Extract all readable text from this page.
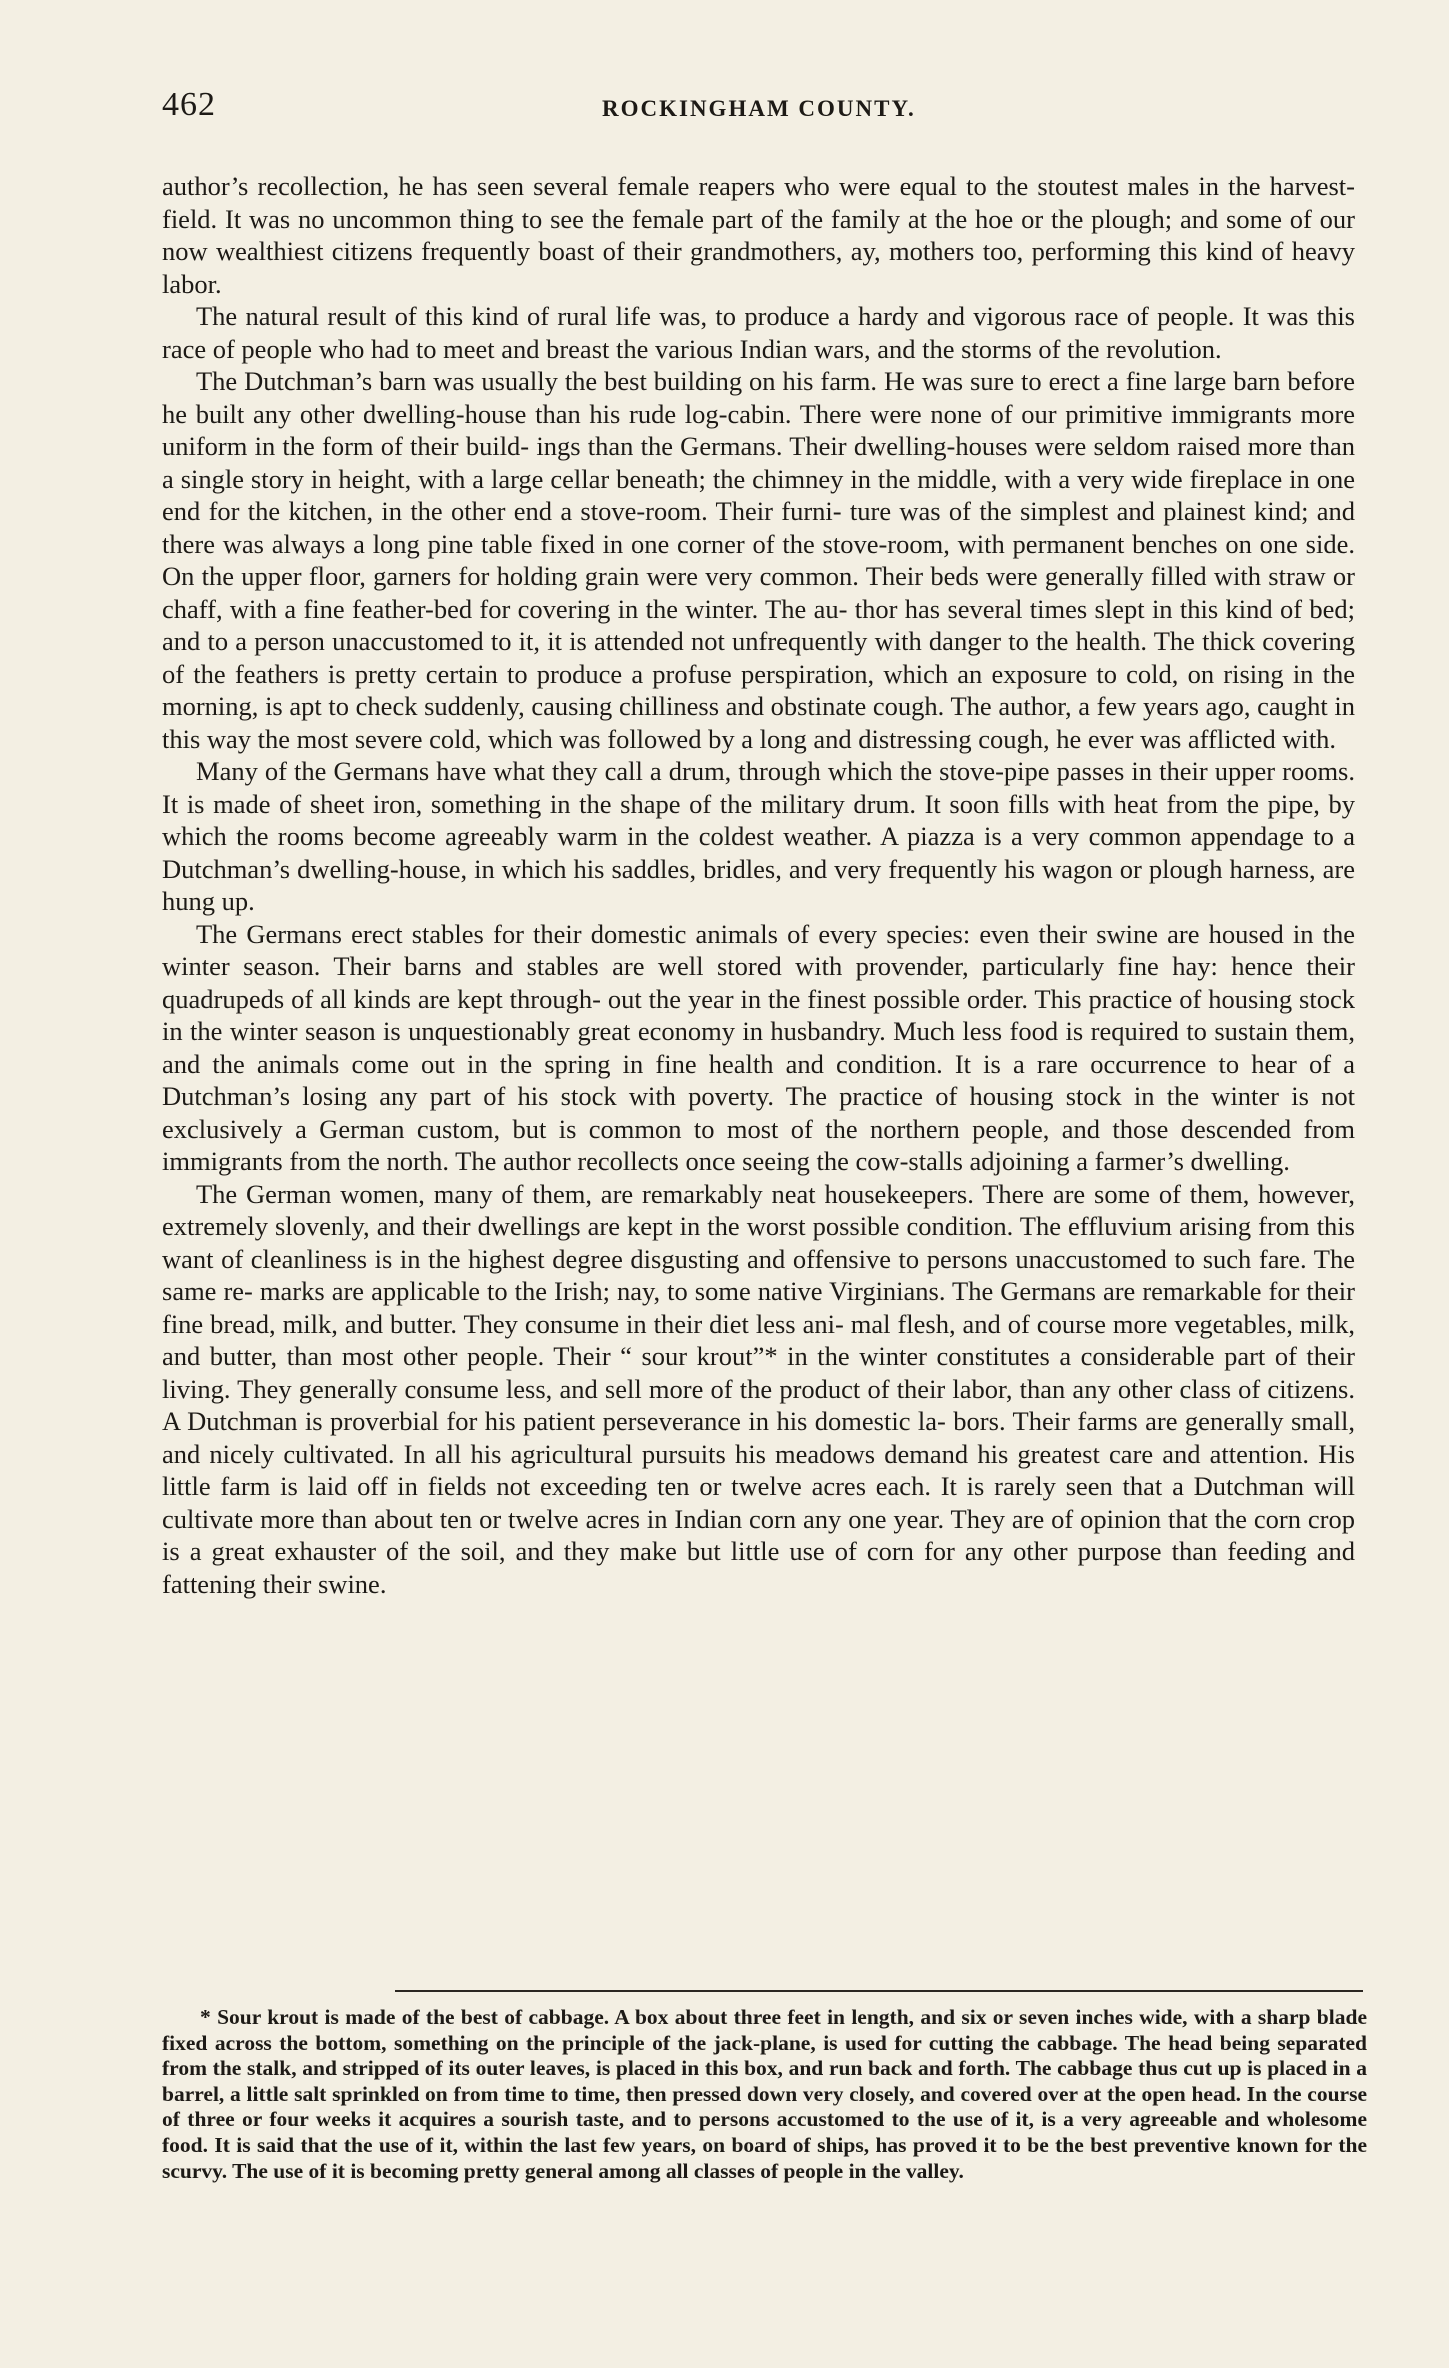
462	ROCKINGHAM COUNTY.

author’s recollection, he has seen several female reapers who were equal to the stoutest males in the harvest-field. It was no uncommon thing to see the female part of the family at the hoe or the plough; and some of our now wealthiest citizens frequently boast of their grandmothers, ay, mothers too, performing this kind of heavy labor.

The natural result of this kind of rural life was, to produce a hardy and vigorous race of people. It was this race of people who had to meet and breast the various Indian wars, and the storms of the revolution.

The Dutchman’s barn was usually the best building on his farm. He was sure to erect a fine large barn before he built any other dwelling-house than his rude log-cabin. There were none of our primitive immigrants more uniform in the form of their build- ings than the Germans. Their dwelling-houses were seldom raised more than a single story in height, with a large cellar beneath; the chimney in the middle, with a very wide fireplace in one end for the kitchen, in the other end a stove-room. Their furni- ture was of the simplest and plainest kind; and there was always a long pine table fixed in one corner of the stove-room, with permanent benches on one side. On the upper floor, garners for holding grain were very common. Their beds were generally filled with straw or chaff, with a fine feather-bed for covering in the winter. The au- thor has several times slept in this kind of bed; and to a person unaccustomed to it, it is attended not unfrequently with danger to the health. The thick covering of the feathers is pretty certain to produce a profuse perspiration, which an exposure to cold, on rising in the morning, is apt to check suddenly, causing chilliness and obstinate cough. The author, a few years ago, caught in this way the most severe cold, which was followed by a long and distressing cough, he ever was afflicted with.

Many of the Germans have what they call a drum, through which the stove-pipe passes in their upper rooms. It is made of sheet iron, something in the shape of the military drum. It soon fills with heat from the pipe, by which the rooms become agreeably warm in the coldest weather. A piazza is a very common appendage to a Dutchman’s dwelling-house, in which his saddles, bridles, and very frequently his wagon or plough harness, are hung up.

The Germans erect stables for their domestic animals of every species: even their swine are housed in the winter season. Their barns and stables are well stored with provender, particularly fine hay: hence their quadrupeds of all kinds are kept through- out the year in the finest possible order. This practice of housing stock in the winter season is unquestionably great economy in husbandry. Much less food is required to sustain them, and the animals come out in the spring in fine health and condition. It is a rare occurrence to hear of a Dutchman’s losing any part of his stock with poverty. The practice of housing stock in the winter is not exclusively a German custom, but is common to most of the northern people, and those descended from immigrants from the north. The author recollects once seeing the cow-stalls adjoining a farmer’s dwelling.

The German women, many of them, are remarkably neat housekeepers. There are some of them, however, extremely slovenly, and their dwellings are kept in the worst possible condition. The effluvium arising from this want of cleanliness is in the highest degree disgusting and offensive to persons unaccustomed to such fare. The same re- marks are applicable to the Irish; nay, to some native Virginians. The Germans are remarkable for their fine bread, milk, and butter. They consume in their diet less ani- mal flesh, and of course more vegetables, milk, and butter, than most other people. Their “ sour krout”* in the winter constitutes a considerable part of their living. They generally consume less, and sell more of the product of their labor, than any other class of citizens. A Dutchman is proverbial for his patient perseverance in his domestic la- bors. Their farms are generally small, and nicely cultivated. In all his agricultural pursuits his meadows demand his greatest care and attention. His little farm is laid off in fields not exceeding ten or twelve acres each. It is rarely seen that a Dutchman will cultivate more than about ten or twelve acres in Indian corn any one year. They are of opinion that the corn crop is a great exhauster of the soil, and they make but little use of corn for any other purpose than feeding and fattening their swine.

* Sour krout is made of the best of cabbage. A box about three feet in length, and six or seven inches wide, with a sharp blade fixed across the bottom, something on the principle of the jack-plane, is used for cutting the cabbage. The head being separated from the stalk, and stripped of its outer leaves, is placed in this box, and run back and forth. The cabbage thus cut up is placed in a barrel, a little salt sprinkled on from time to time, then pressed down very closely, and covered over at the open head. In the course of three or four weeks it acquires a sourish taste, and to persons accustomed to the use of it, is a very agreeable and wholesome food. It is said that the use of it, within the last few years, on board of ships, has proved it to be the best preventive known for the scurvy. The use of it is becoming pretty general among all classes of people in the valley.
